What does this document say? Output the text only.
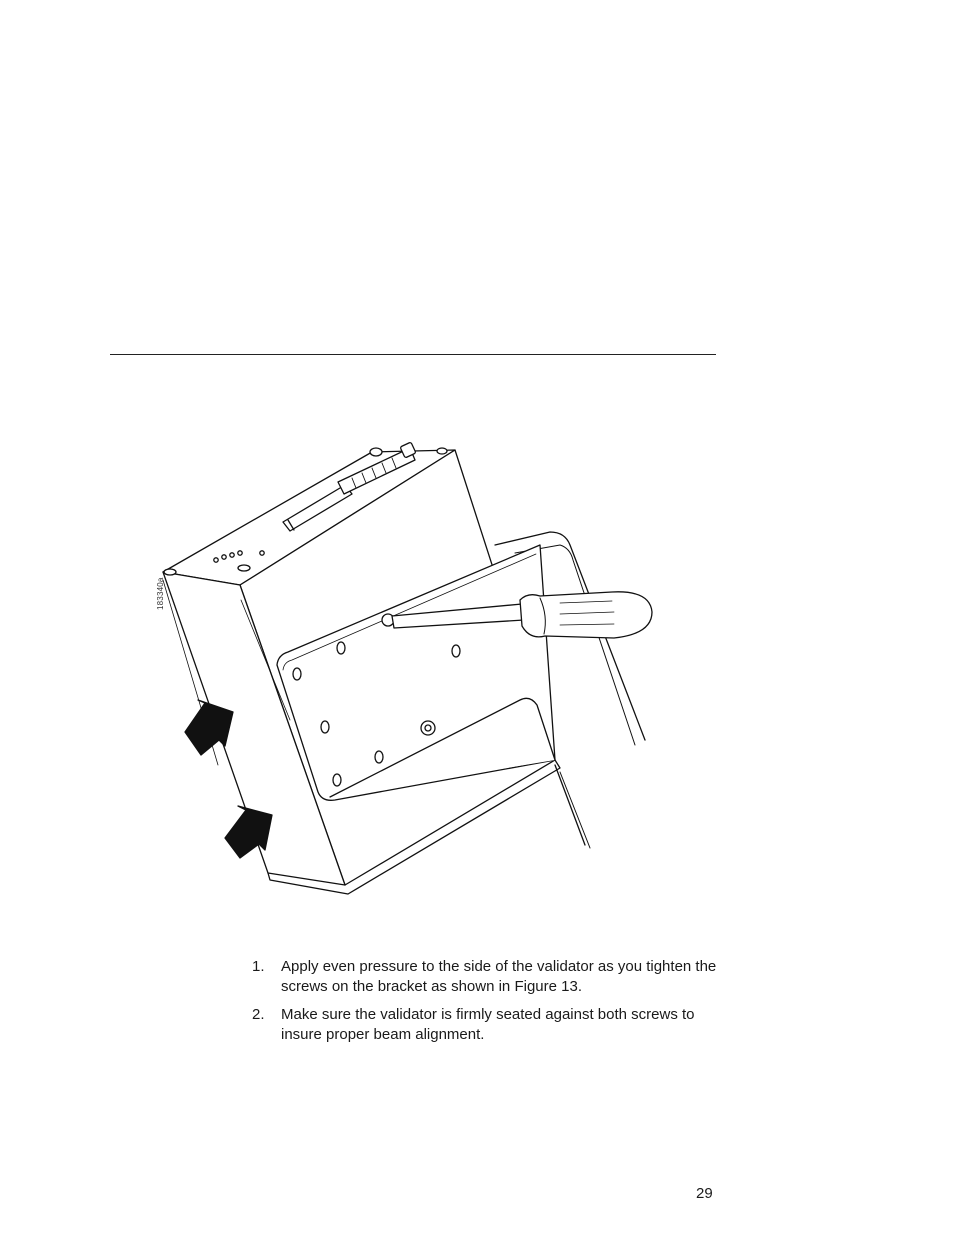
183340a
1. Apply even pressure to the side of the validator as you tighten the screws on the bracket as shown in Figure 13.
2. Make sure the validator is firmly seated against both screws to insure proper beam alignment.
29
